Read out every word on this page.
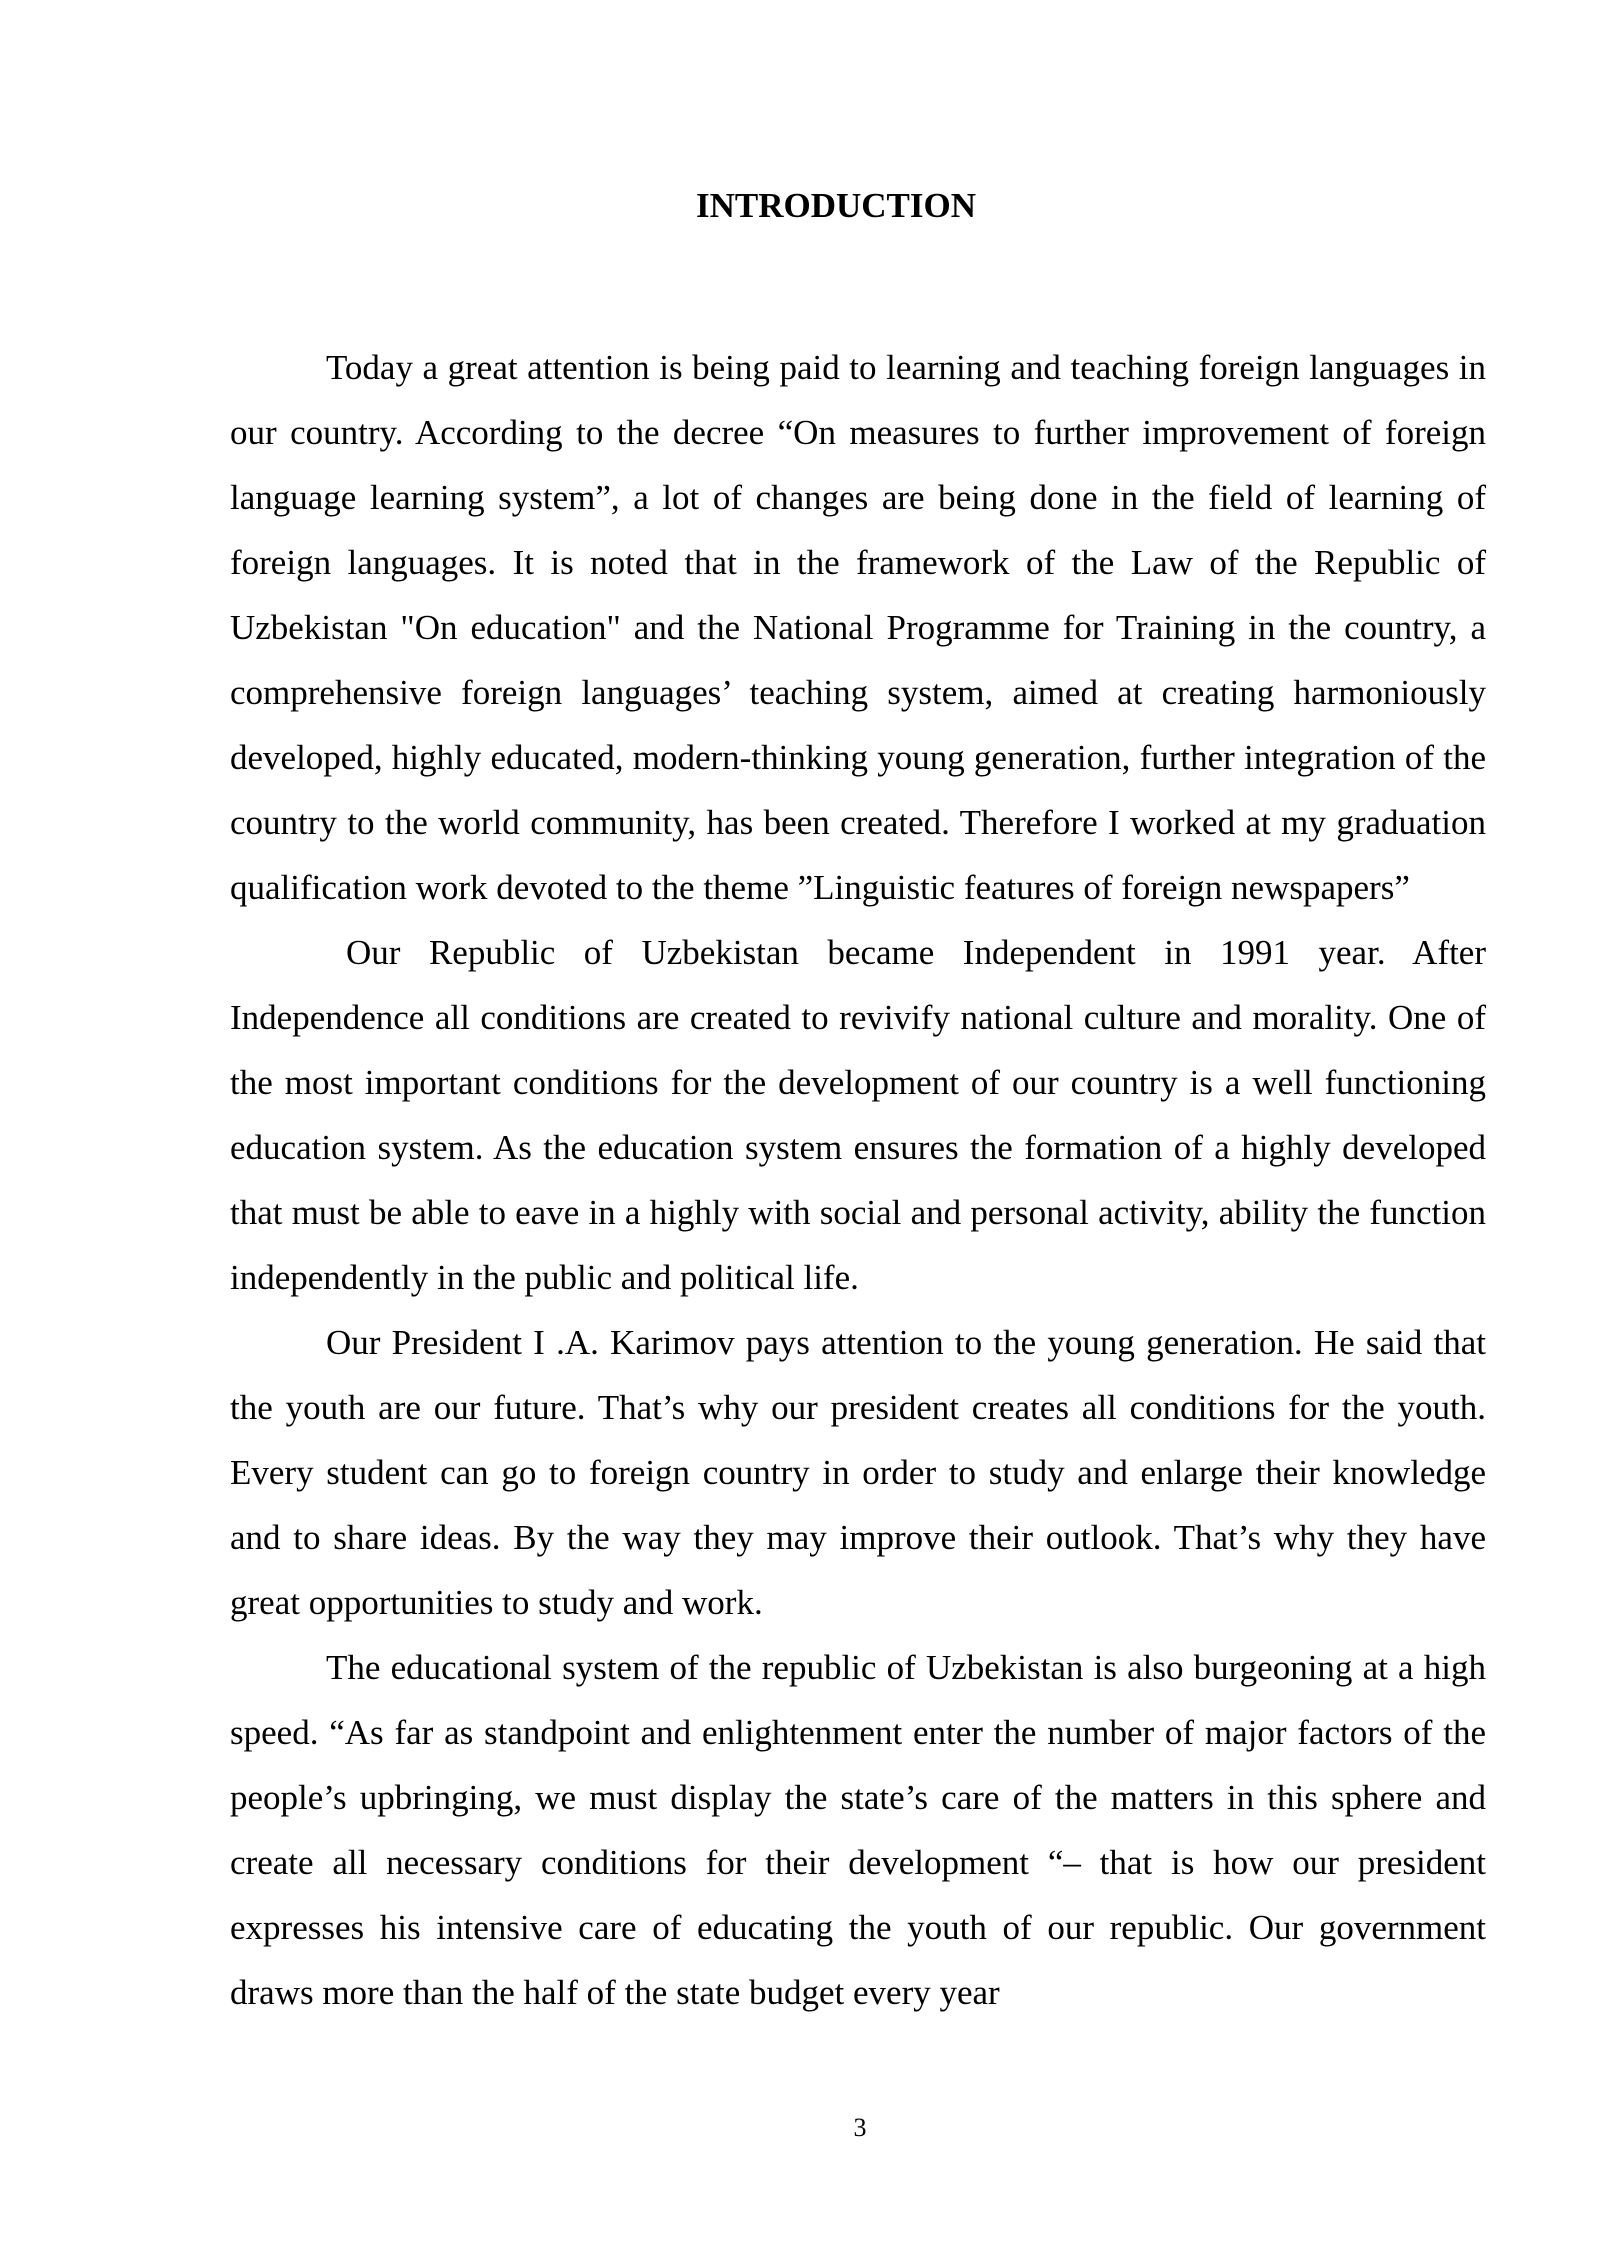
INTRODUCTION

Today a great attention is being paid to learning and teaching foreign languages in our country. According to the decree “On measures to further improvement of foreign language learning system”, a lot of changes are being done in the field of learning of foreign languages. It is noted that in the framework of the Law of the Republic of Uzbekistan "On education" and the National Programme for Training in the country, a comprehensive foreign languages’ teaching system, aimed at creating harmoniously developed, highly educated, modern-thinking young generation, further integration of the country to the world community, has been created. Therefore I worked at my graduation qualification work devoted to the theme ”Linguistic features of foreign newspapers”

Our Republic of Uzbekistan became Independent in 1991 year. After Independence all conditions are created to revivify national culture and morality. One of the most important conditions for the development of our country is a well functioning education system. As the education system ensures the formation of a highly developed that must be able to eave in a highly with social and personal activity, ability the function independently in the public and political life.

Our President I .A. Karimov pays attention to the young generation. He said that the youth are our future. That’s why our president creates all conditions for the youth. Every student can go to foreign country in order to study and enlarge their knowledge and to share ideas. By the way they may improve their outlook. That’s why they have great opportunities to study and work.

The educational system of the republic of Uzbekistan is also burgeoning at a high speed. “As far as standpoint and enlightenment enter the number of major factors of the people’s upbringing, we must display the state’s care of the matters in this sphere and create all necessary conditions for their development “– that is how our president expresses his intensive care of educating the youth of our republic. Our government draws more than the half of the state budget every year

3
